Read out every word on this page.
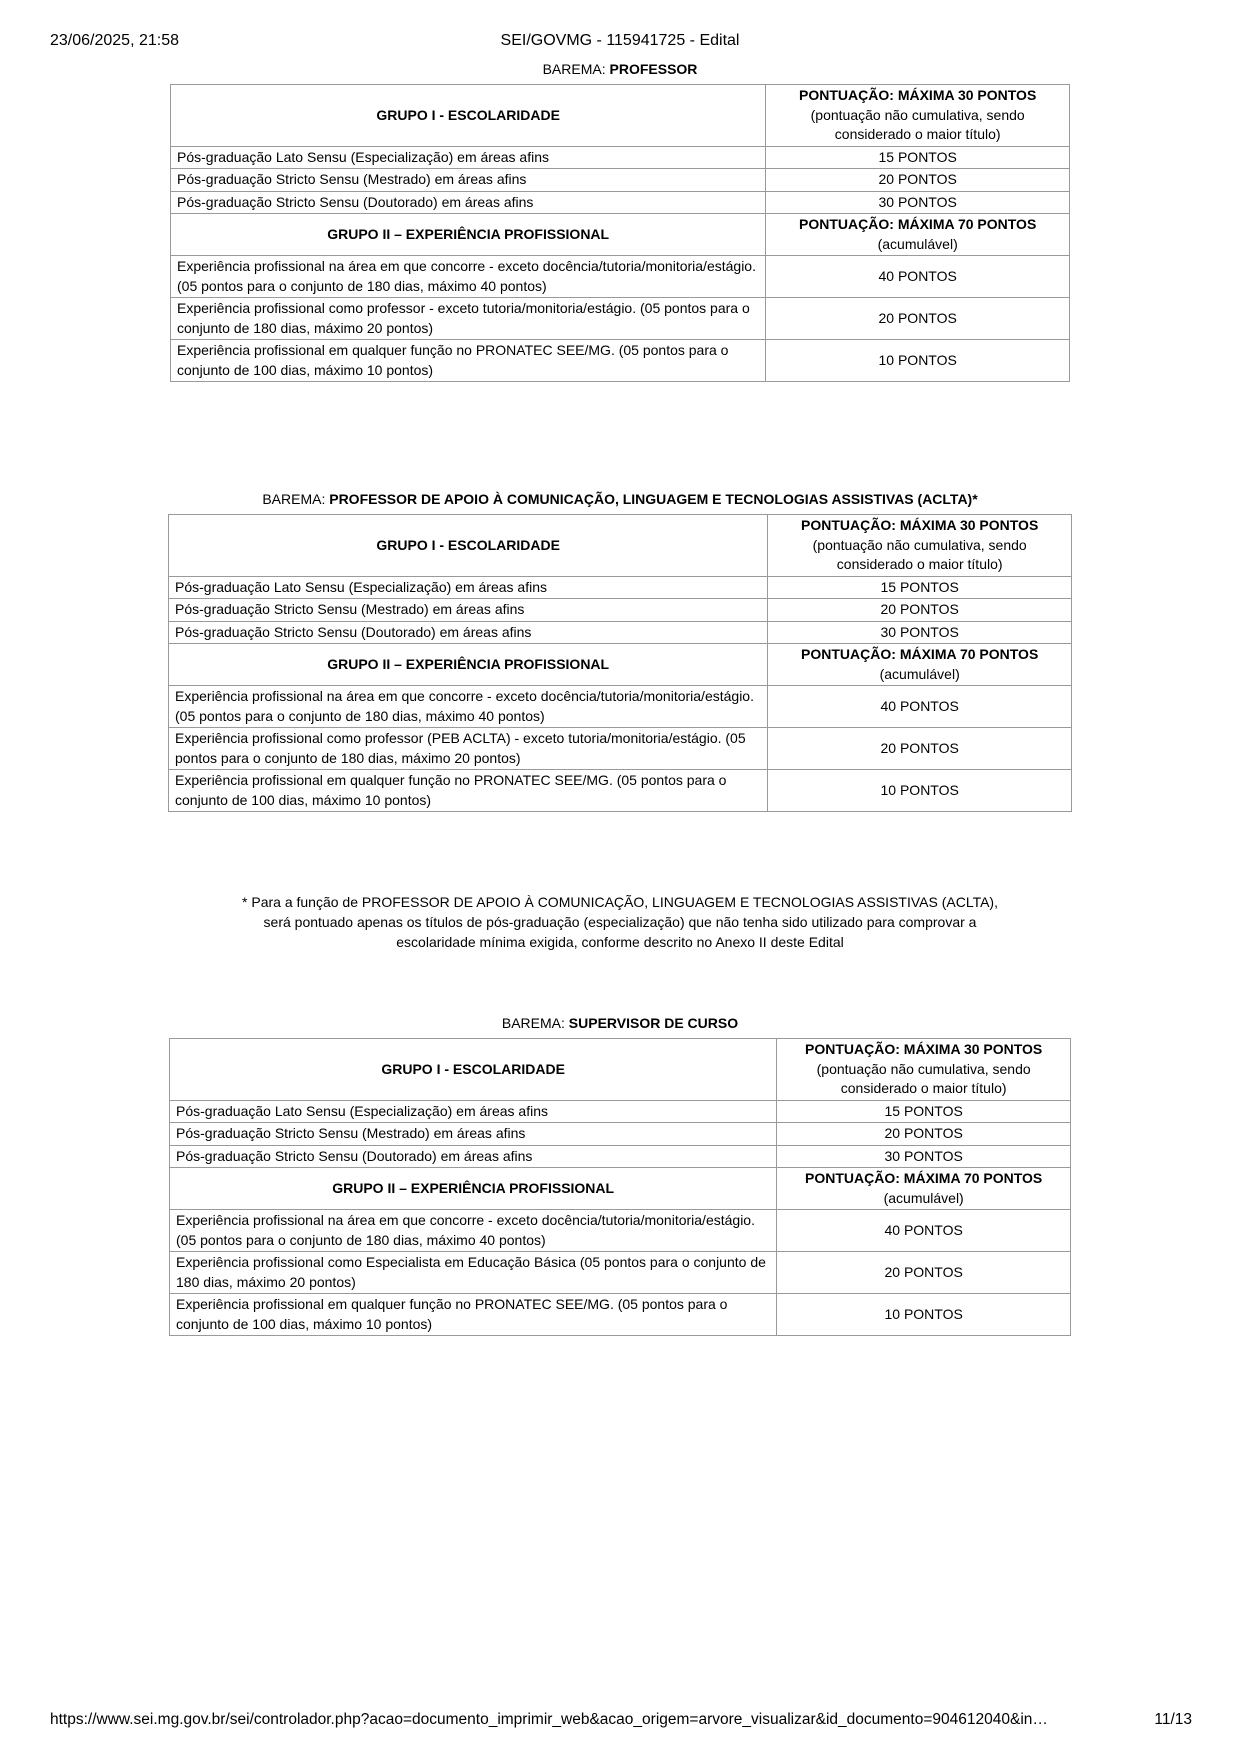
23/06/2025, 21:58	SEI/GOVMG - 115941725 - Edital
BAREMA: PROFESSOR
GRUPO I - ESCOLARIDADE	PONTUAÇÃO: MÁXIMA 30 PONTOS
(pontuação não cumulativa, sendo considerado o maior título)

Pós-graduação Lato Sensu (Especialização) em áreas afins	15 PONTOS
Pós-graduação Stricto Sensu (Mestrado) em áreas afins	20 PONTOS
Pós-graduação Stricto Sensu (Doutorado) em áreas afins	30 PONTOS
GRUPO II – EXPERIÊNCIA PROFISSIONAL	PONTUAÇÃO: MÁXIMA 70 PONTOS
(acumulável)

Experiência profissional na área em que concorre - exceto docência/tutoria/monitoria/estágio. (05 pontos para o conjunto de 180 dias, máximo 40 pontos)	40 PONTOS
Experiência profissional como professor - exceto tutoria/monitoria/estágio. (05 pontos para o conjunto de 180 dias, máximo 20 pontos)	20 PONTOS
Experiência profissional em qualquer função no PRONATEC SEE/MG. (05 pontos para o conjunto de 100 dias, máximo 10 pontos)	10 PONTOS
BAREMA: PROFESSOR DE APOIO À COMUNICAÇÃO, LINGUAGEM E TECNOLOGIAS ASSISTIVAS (ACLTA)*
GRUPO I - ESCOLARIDADE	PONTUAÇÃO: MÁXIMA 30 PONTOS
(pontuação não cumulativa, sendo considerado o maior título)

Pós-graduação Lato Sensu (Especialização) em áreas afins	15 PONTOS
Pós-graduação Stricto Sensu (Mestrado) em áreas afins	20 PONTOS
Pós-graduação Stricto Sensu (Doutorado) em áreas afins	30 PONTOS
GRUPO II – EXPERIÊNCIA PROFISSIONAL	PONTUAÇÃO: MÁXIMA 70 PONTOS
(acumulável)

Experiência profissional na área em que concorre - exceto docência/tutoria/monitoria/estágio. (05 pontos para o conjunto de 180 dias, máximo 40 pontos)	40 PONTOS
Experiência profissional como professor (PEB ACLTA) - exceto tutoria/monitoria/estágio. (05 pontos para o conjunto de 180 dias, máximo 20 pontos)	20 PONTOS
Experiência profissional em qualquer função no PRONATEC SEE/MG. (05 pontos para o conjunto de 100 dias, máximo 10 pontos)	10 PONTOS
* Para a função de PROFESSOR DE APOIO À COMUNICAÇÃO, LINGUAGEM E TECNOLOGIAS ASSISTIVAS (ACLTA),
será pontuado apenas os títulos de pós-graduação (especialização) que não tenha sido utilizado para comprovar a
escolaridade mínima exigida, conforme descrito no Anexo II deste Edital
BAREMA: SUPERVISOR DE CURSO
GRUPO I - ESCOLARIDADE	PONTUAÇÃO: MÁXIMA 30 PONTOS
(pontuação não cumulativa, sendo considerado o maior título)

Pós-graduação Lato Sensu (Especialização) em áreas afins	15 PONTOS
Pós-graduação Stricto Sensu (Mestrado) em áreas afins	20 PONTOS
Pós-graduação Stricto Sensu (Doutorado) em áreas afins	30 PONTOS
GRUPO II – EXPERIÊNCIA PROFISSIONAL	PONTUAÇÃO: MÁXIMA 70 PONTOS
(acumulável)

Experiência profissional na área em que concorre - exceto docência/tutoria/monitoria/estágio. (05 pontos para o conjunto de 180 dias, máximo 40 pontos)	40 PONTOS
Experiência profissional como Especialista em Educação Básica (05 pontos para o conjunto de 180 dias, máximo 20 pontos)	20 PONTOS
Experiência profissional em qualquer função no PRONATEC SEE/MG. (05 pontos para o conjunto de 100 dias, máximo 10 pontos)	10 PONTOS
https://www.sei.mg.gov.br/sei/controlador.php?acao=documento_imprimir_web&acao_origem=arvore_visualizar&id_documento=904612040&in…	11/13
